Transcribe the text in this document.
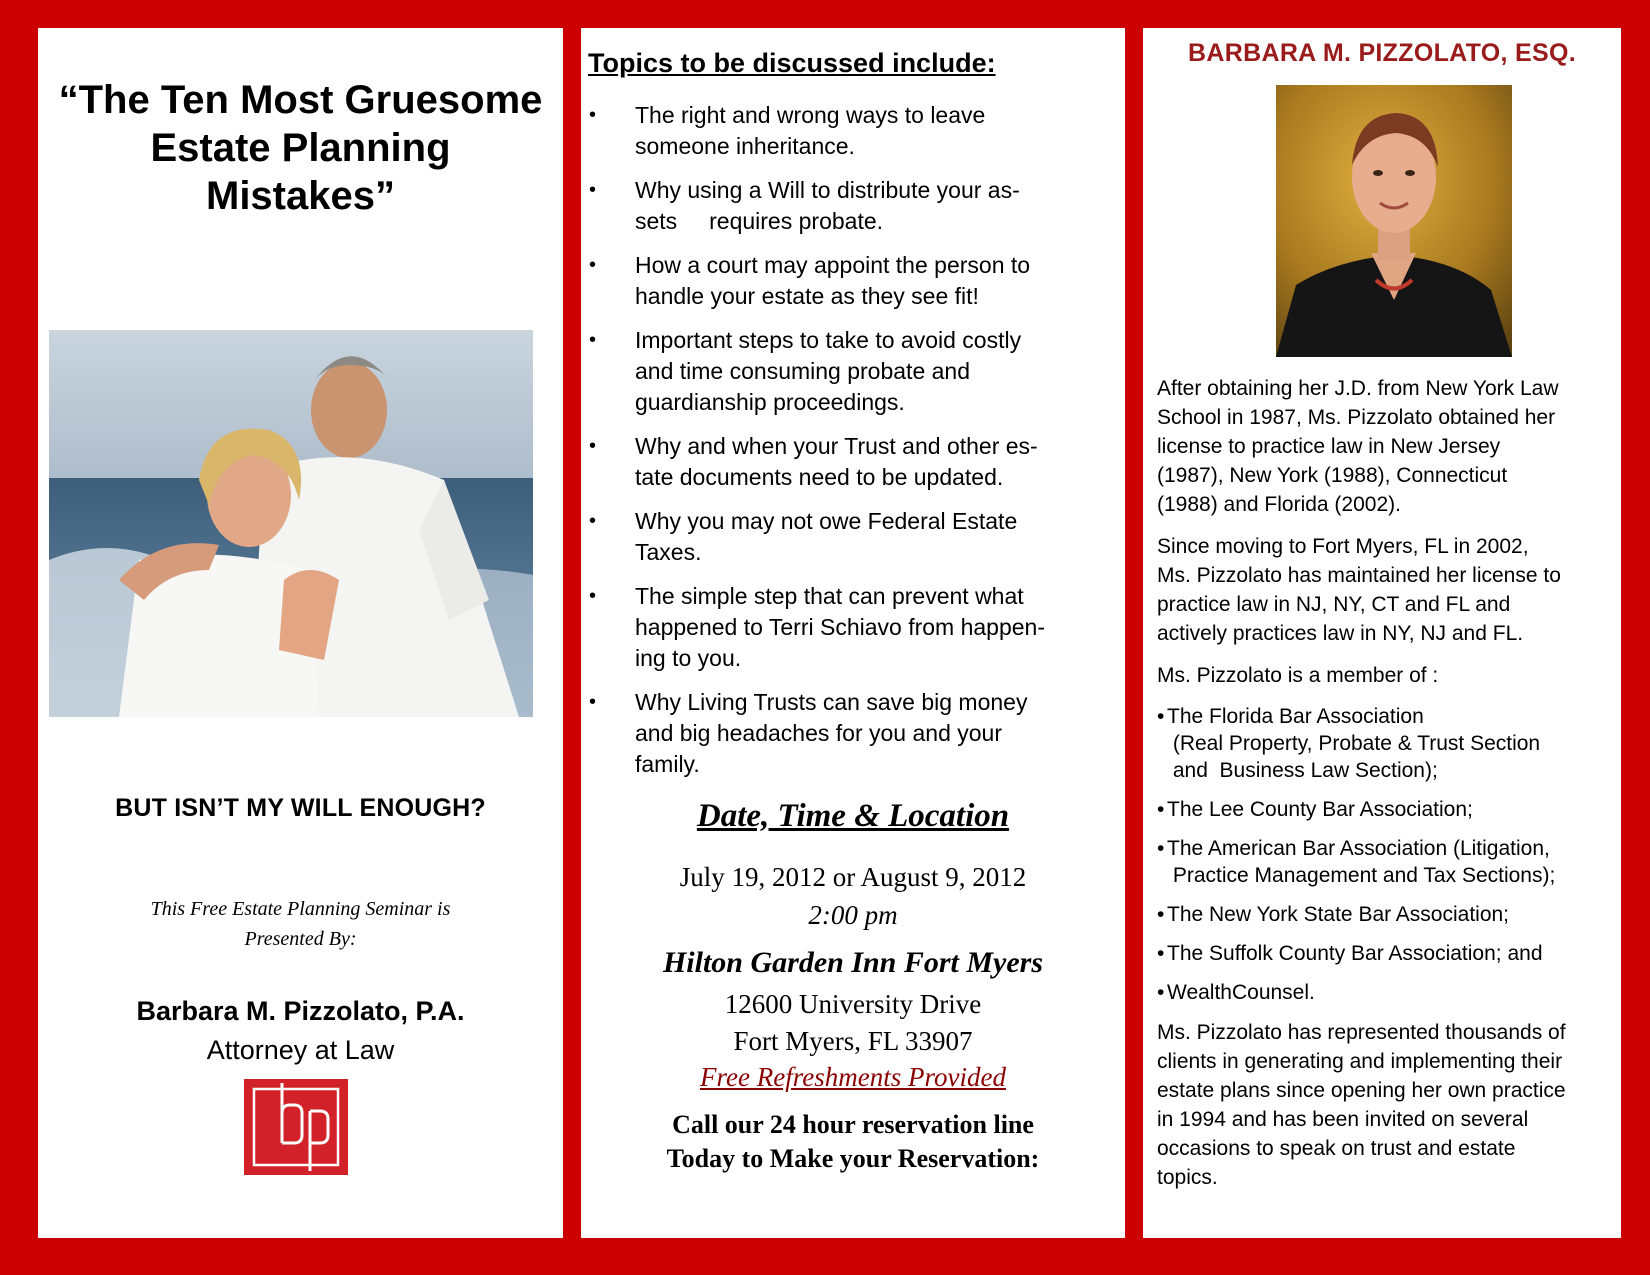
“The Ten Most Gruesome
Estate Planning
Mistakes”
BUT ISN’T MY WILL ENOUGH?
This Free Estate Planning Seminar is
Presented By:
Barbara M. Pizzolato, P.A.
Attorney at Law
Topics to be discussed include:
• The right and wrong ways to leave
someone inheritance.
• Why using a Will to distribute your as-
sets     requires probate.
• How a court may appoint the person to
handle your estate as they see fit!
• Important steps to take to avoid costly
and time consuming probate and
guardianship proceedings.
• Why and when your Trust and other es-
tate documents need to be updated.
• Why you may not owe Federal Estate
Taxes.
• The simple step that can prevent what
happened to Terri Schiavo from happen-
ing to you.
• Why Living Trusts can save big money
and big headaches for you and your
family.
Date, Time & Location
July 19, 2012 or August 9, 2012
2:00 pm
Hilton Garden Inn Fort Myers
12600 University Drive
Fort Myers, FL 33907
Free Refreshments Provided
Call our 24 hour reservation line
Today to Make your Reservation:
BARBARA M. PIZZOLATO, ESQ.

After obtaining her J.D. from New York Law
School in 1987, Ms. Pizzolato obtained her
license to practice law in New Jersey
(1987), New York (1988), Connecticut
(1988) and Florida (2002).

Since moving to Fort Myers, FL in 2002,
Ms. Pizzolato has maintained her license to
practice law in NJ, NY, CT and FL and
actively practices law in NY, NJ and FL.

Ms. Pizzolato is a member of :

• The Florida Bar Association
(Real Property, Probate & Trust Section
and  Business Law Section);
• The Lee County Bar Association;
• The American Bar Association (Litigation,
Practice Management and Tax Sections);
• The New York State Bar Association;
• The Suffolk County Bar Association; and
• WealthCounsel.

Ms. Pizzolato has represented thousands of
clients in generating and implementing their
estate plans since opening her own practice
in 1994 and has been invited on several
occasions to speak on trust and estate
topics.
